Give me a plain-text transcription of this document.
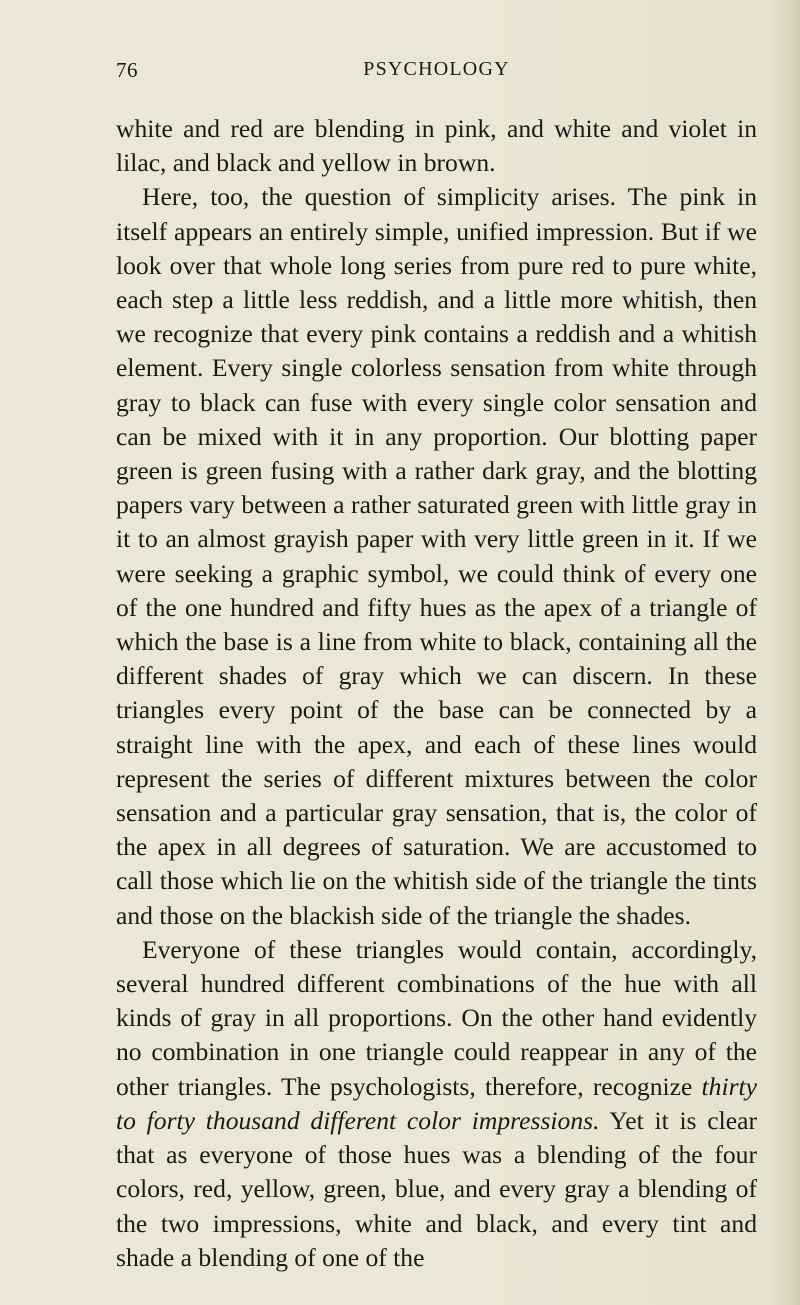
76	PSYCHOLOGY

white and red are blending in pink, and white and violet in lilac, and black and yellow in brown.

Here, too, the question of simplicity arises. The pink in itself appears an entirely simple, unified impression. But if we look over that whole long series from pure red to pure white, each step a little less reddish, and a little more whitish, then we recognize that every pink contains a reddish and a whitish element. Every single colorless sensation from white through gray to black can fuse with every single color sensation and can be mixed with it in any proportion. Our blotting paper green is green fusing with a rather dark gray, and the blotting papers vary between a rather saturated green with little gray in it to an almost grayish paper with very little green in it. If we were seeking a graphic symbol, we could think of every one of the one hundred and fifty hues as the apex of a triangle of which the base is a line from white to black, containing all the different shades of gray which we can discern. In these triangles every point of the base can be connected by a straight line with the apex, and each of these lines would represent the series of different mixtures between the color sensation and a particular gray sensation, that is, the color of the apex in all degrees of saturation. We are accustomed to call those which lie on the whitish side of the triangle the tints and those on the blackish side of the triangle the shades.

Everyone of these triangles would contain, accordingly, several hundred different combinations of the hue with all kinds of gray in all proportions. On the other hand evidently no combination in one triangle could reappear in any of the other triangles. The psychologists, therefore, recognize thirty to forty thousand different color impressions. Yet it is clear that as everyone of those hues was a blending of the four colors, red, yellow, green, blue, and every gray a blending of the two impressions, white and black, and every tint and shade a blending of one of the
